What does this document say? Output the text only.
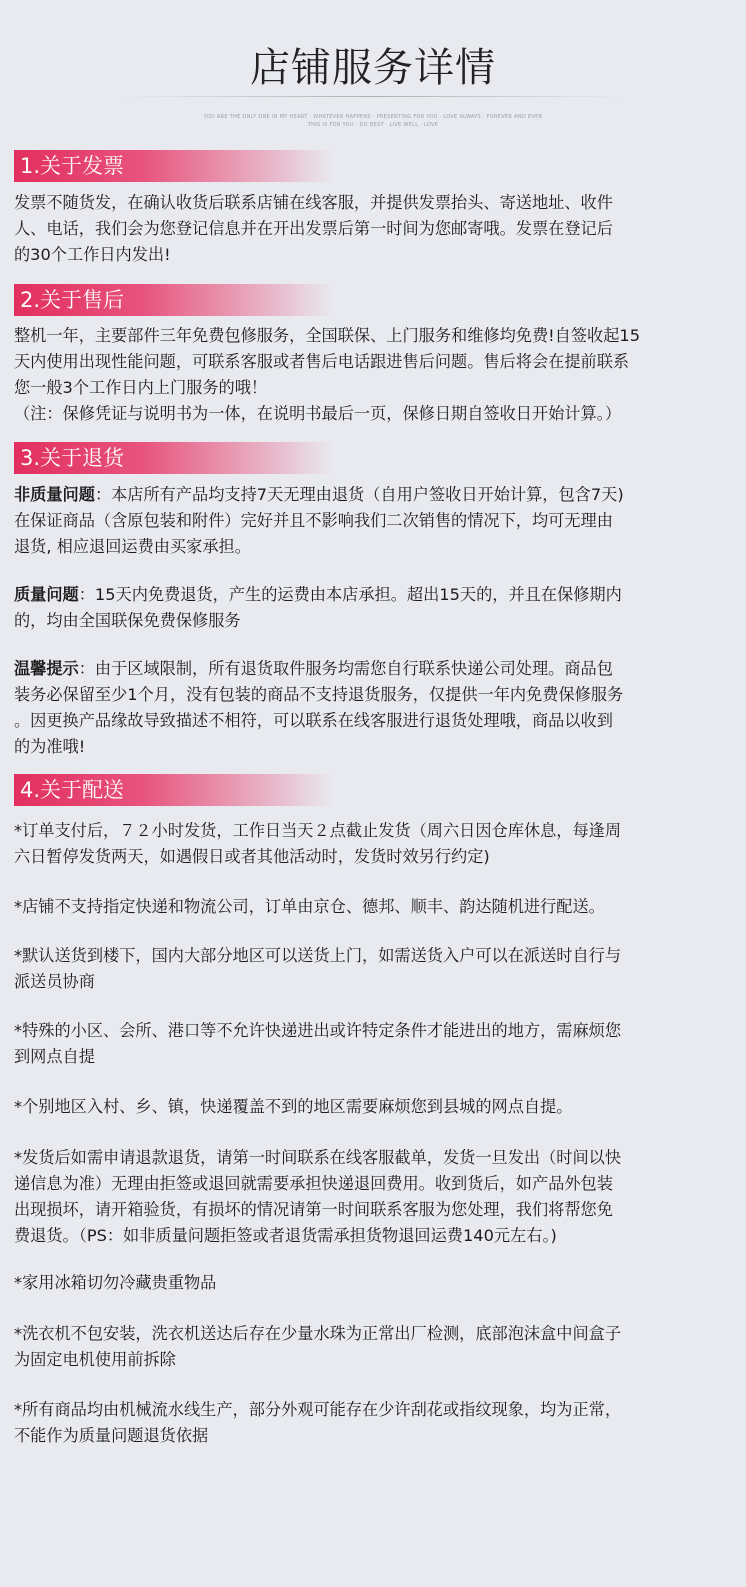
店铺服务详情
YOU ARE THE ONLY ONE IN MY HEART · WHATEVER HAPPENS · PRESENTING FOR YOU · LOVE ALWAYS · FOREVER AND EVER
THIS IS FOR YOU · DO BEST · LIVE WELL · LOVE
1.关于发票
发票不随货发，在确认收货后联系店铺在线客服，并提供发票抬头、寄送地址、收件
人、电话，我们会为您登记信息并在开出发票后第一时间为您邮寄哦。发票在登记后
的30个工作日内发出!
2.关于售后
整机一年，主要部件三年免费包修服务，全国联保、上门服务和维修均免费!自签收起15
天内使用出现性能问题，可联系客服或者售后电话跟进售后问题。售后将会在提前联系
您一般3个工作日内上门服务的哦！
（注：保修凭证与说明书为一体，在说明书最后一页，保修日期自签收日开始计算。）
3.关于退货
非质量问题：本店所有产品均支持7天无理由退货（自用户签收日开始计算，包含7天)
在保证商品（含原包装和附件）完好并且不影响我们二次销售的情况下，均可无理由
退货, 相应退回运费由买家承担。
质量问题：15天内免费退货，产生的运费由本店承担。超出15天的，并且在保修期内
的，均由全国联保免费保修服务
温馨提示：由于区域限制，所有退货取件服务均需您自行联系快递公司处理。商品包
装务必保留至少1个月，没有包装的商品不支持退货服务，仅提供一年内免费保修服务
。因更换产品缘故导致描述不相符，可以联系在线客服进行退货处理哦，商品以收到
的为准哦!
4.关于配送
*订单支付后，７２小时发货，工作日当天２点截止发货（周六日因仓库休息，每逢周
六日暂停发货两天，如遇假日或者其他活动时，发货时效另行约定)
*店铺不支持指定快递和物流公司，订单由京仓、德邦、顺丰、韵达随机进行配送。
*默认送货到楼下，国内大部分地区可以送货上门，如需送货入户可以在派送时自行与
派送员协商
*特殊的小区、会所、港口等不允许快递进出或许特定条件才能进出的地方，需麻烦您
到网点自提
*个别地区入村、乡、镇，快递覆盖不到的地区需要麻烦您到县城的网点自提。
*发货后如需申请退款退货，请第一时间联系在线客服截单，发货一旦发出（时间以快
递信息为准）无理由拒签或退回就需要承担快递退回费用。收到货后，如产品外包装
出现损坏，请开箱验货，有损坏的情况请第一时间联系客服为您处理，我们将帮您免
费退货。（PS：如非质量问题拒签或者退货需承担货物退回运费140元左右。)
*家用冰箱切勿冷藏贵重物品
*洗衣机不包安装，洗衣机送达后存在少量水珠为正常出厂检测，底部泡沫盒中间盒子
为固定电机使用前拆除
*所有商品均由机械流水线生产，部分外观可能存在少许刮花或指纹现象，均为正常，
不能作为质量问题退货依据
